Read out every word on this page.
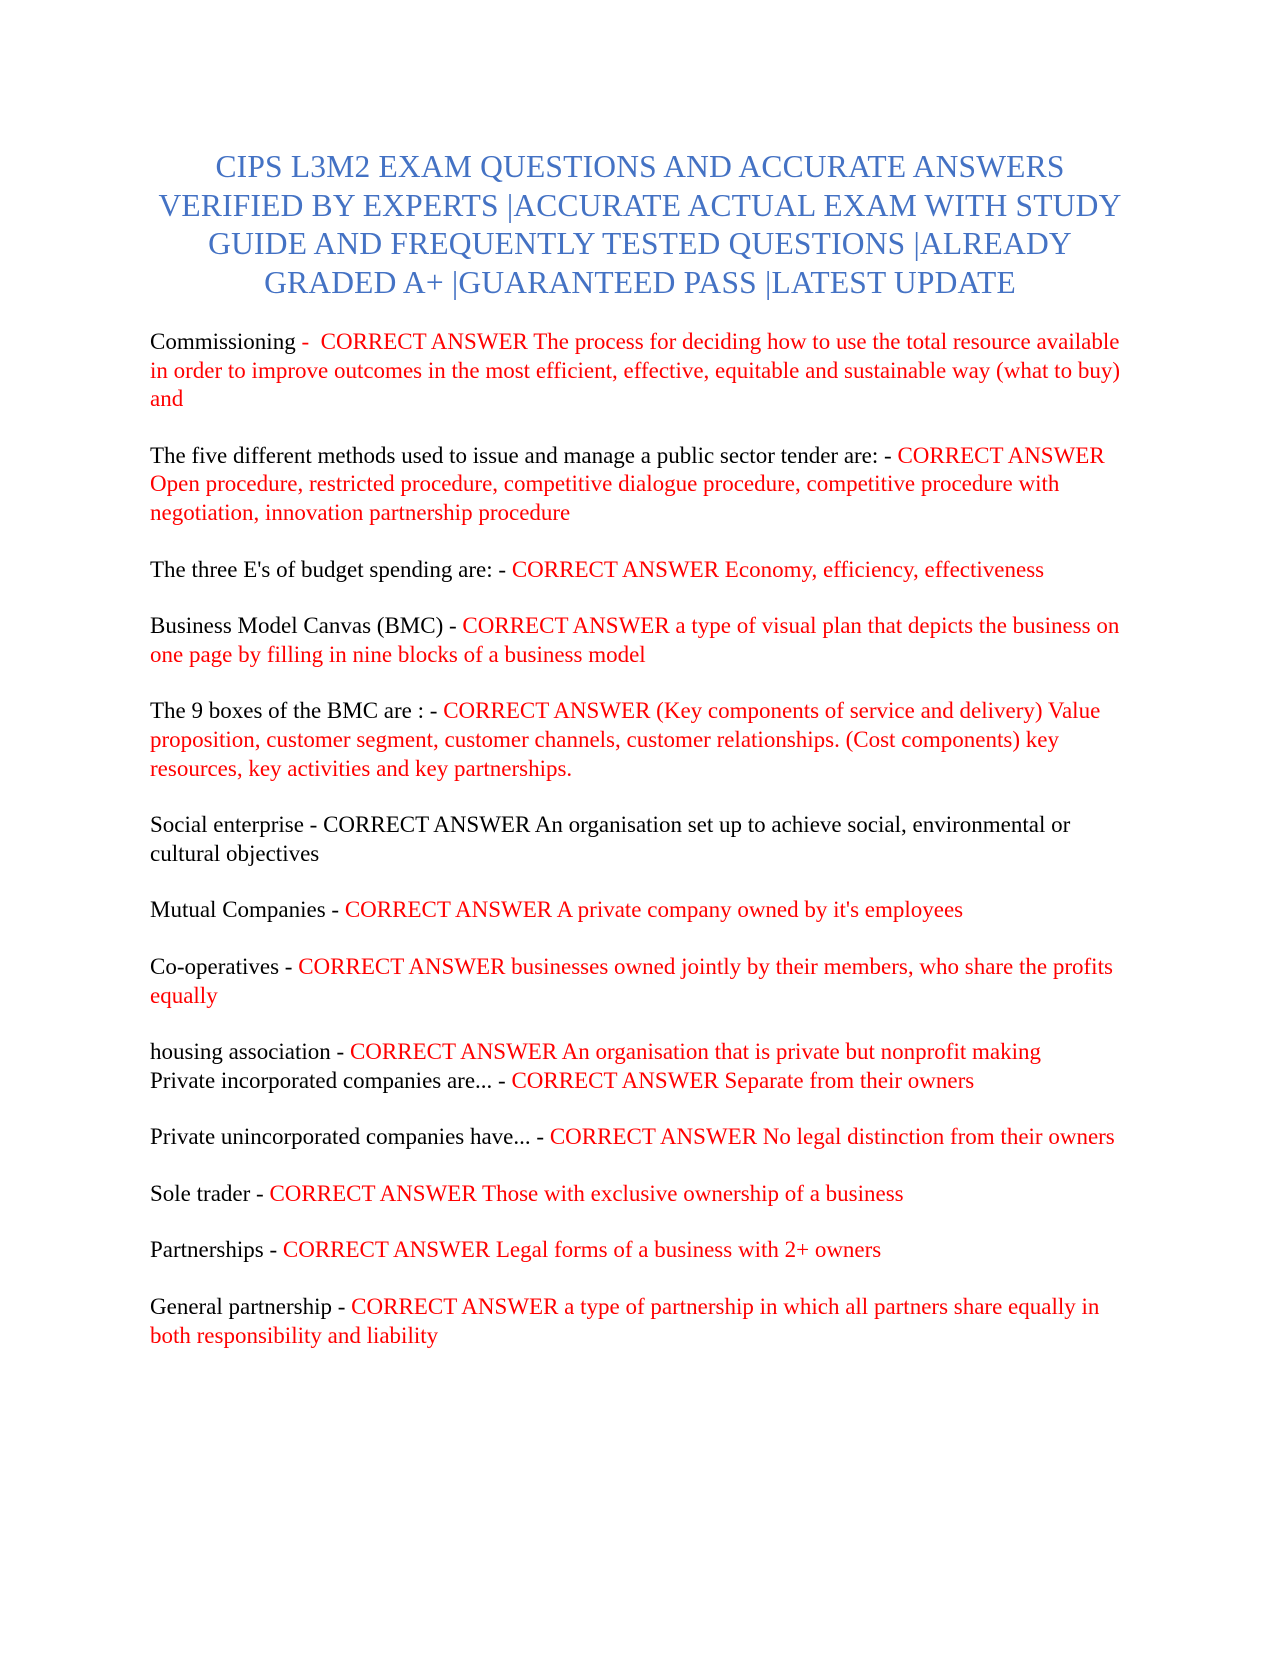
CIPS L3M2 EXAM QUESTIONS AND ACCURATE ANSWERS VERIFIED BY EXPERTS |ACCURATE ACTUAL EXAM WITH STUDY GUIDE AND FREQUENTLY TESTED QUESTIONS |ALREADY GRADED A+ |GUARANTEED PASS |LATEST UPDATE

Commissioning -  CORRECT ANSWER The process for deciding how to use the total resource available in order to improve outcomes in the most efficient, effective, equitable and sustainable way (what to buy) and

The five different methods used to issue and manage a public sector tender are: - CORRECT ANSWER Open procedure, restricted procedure, competitive dialogue procedure, competitive procedure with negotiation, innovation partnership procedure

The three E's of budget spending are: - CORRECT ANSWER Economy, efficiency, effectiveness

Business Model Canvas (BMC) - CORRECT ANSWER a type of visual plan that depicts the business on one page by filling in nine blocks of a business model

The 9 boxes of the BMC are : - CORRECT ANSWER (Key components of service and delivery) Value proposition, customer segment, customer channels, customer relationships. (Cost components) key resources, key activities and key partnerships.

Social enterprise - CORRECT ANSWER An organisation set up to achieve social, environmental or cultural objectives

Mutual Companies - CORRECT ANSWER A private company owned by it's employees

Co-operatives - CORRECT ANSWER businesses owned jointly by their members, who share the profits equally

housing association - CORRECT ANSWER An organisation that is private but nonprofit making

Private incorporated companies are... - CORRECT ANSWER Separate from their owners

Private unincorporated companies have... - CORRECT ANSWER No legal distinction from their owners

Sole trader - CORRECT ANSWER Those with exclusive ownership of a business

Partnerships - CORRECT ANSWER Legal forms of a business with 2+ owners

General partnership - CORRECT ANSWER a type of partnership in which all partners share equally in both responsibility and liability
